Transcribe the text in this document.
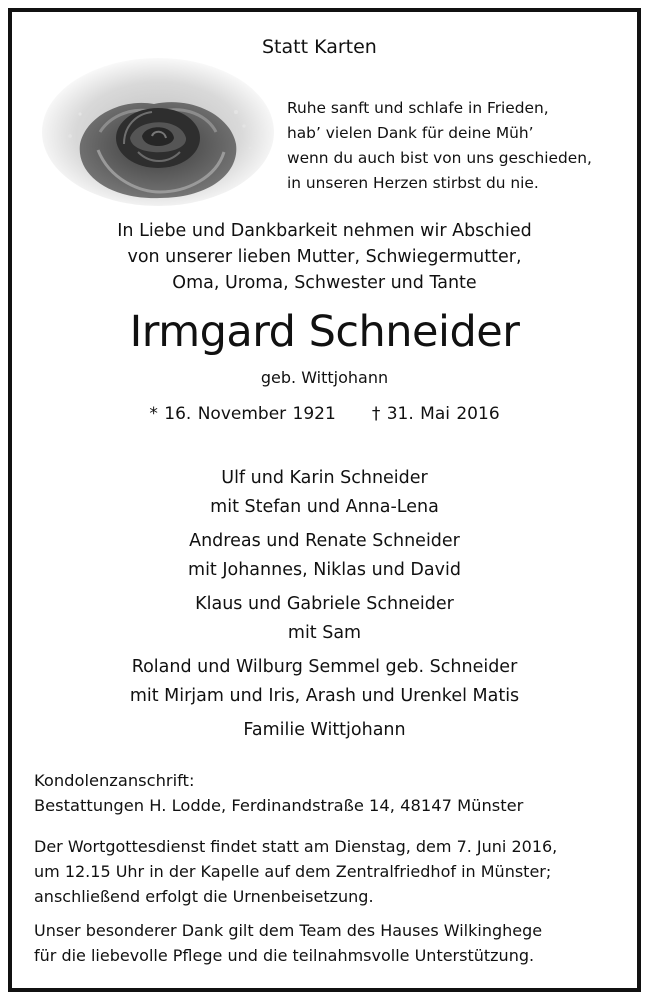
Statt Karten
Ruhe sanft und schlafe in Frieden,
hab’ vielen Dank für deine Müh’
wenn du auch bist von uns geschieden,
in unseren Herzen stirbst du nie.
In Liebe und Dankbarkeit nehmen wir Abschied
von unserer lieben Mutter, Schwiegermutter,
Oma, Uroma, Schwester und Tante
Irmgard Schneider
geb. Wittjohann
* 16. November 1921 † 31. Mai 2016
Ulf und Karin Schneider
mit Stefan und Anna-Lena
Andreas und Renate Schneider
mit Johannes, Niklas und David
Klaus und Gabriele Schneider
mit Sam
Roland und Wilburg Semmel geb. Schneider
mit Mirjam und Iris, Arash und Urenkel Matis
Familie Wittjohann
Kondolenzanschrift:
Bestattungen H. Lodde, Ferdinandstraße 14, 48147 Münster
Der Wortgottesdienst findet statt am Dienstag, dem 7. Juni 2016,
um 12.15 Uhr in der Kapelle auf dem Zentralfriedhof in Münster;
anschließend erfolgt die Urnenbeisetzung.
Unser besonderer Dank gilt dem Team des Hauses Wilkinghege
für die liebevolle Pflege und die teilnahmsvolle Unterstützung.
